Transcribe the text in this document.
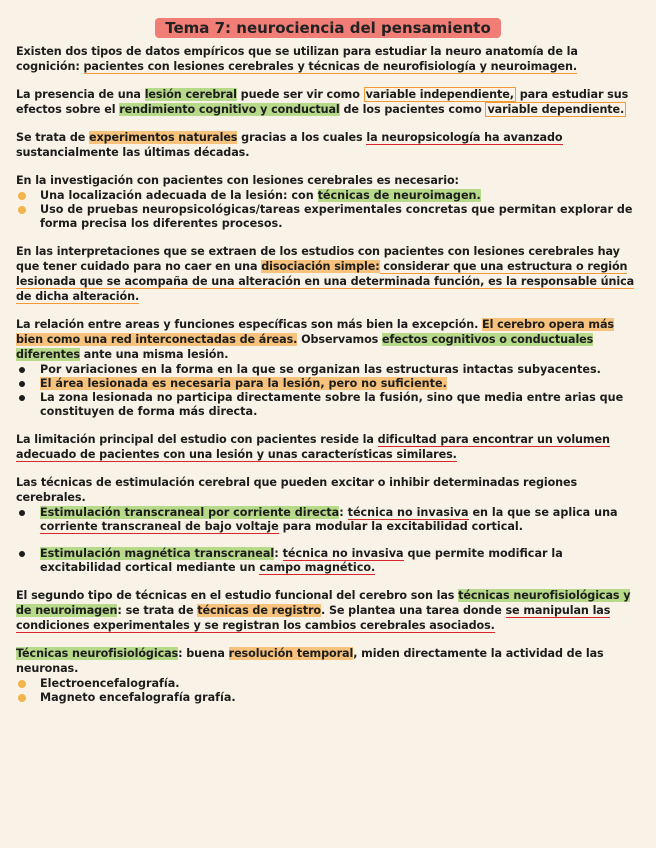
Tema 7: neurociencia del pensamiento

Existen dos tipos de datos empíricos que se utilizan para estudiar la neuro anatomía de la cognición: pacientes con lesiones cerebrales y técnicas de neurofisiología y neuroimagen.

La presencia de una lesión cerebral puede ser vir como variable independiente, para estudiar sus efectos sobre el rendimiento cognitivo y conductual de los pacientes como variable dependiente.

Se trata de experimentos naturales gracias a los cuales la neuropsicología ha avanzado sustancialmente las últimas décadas.

En la investigación con pacientes con lesiones cerebrales es necesario:

Una localización adecuada de la lesión: con técnicas de neuroimagen.
Uso de pruebas neuropsicológicas/tareas experimentales concretas que permitan explorar de forma precisa los diferentes procesos.

En las interpretaciones que se extraen de los estudios con pacientes con lesiones cerebrales hay que tener cuidado para no caer en una disociación simple: considerar que una estructura o región lesionada que se acompaña de una alteración en una determinada función, es la responsable única de dicha alteración.

La relación entre areas y funciones específicas son más bien la excepción. El cerebro opera más bien como una red interconectadas de áreas. Observamos efectos cognitivos o conductuales diferentes ante una misma lesión.

Por variaciones en la forma en la que se organizan las estructuras intactas subyacentes.
El área lesionada es necesaria para la lesión, pero no suficiente.
La zona lesionada no participa directamente sobre la fusión, sino que media entre arias que constituyen de forma más directa.

La limitación principal del estudio con pacientes reside la dificultad para encontrar un volumen adecuado de pacientes con una lesión y unas características similares.

Las técnicas de estimulación cerebral que pueden excitar o inhibir determinadas regiones cerebrales.

Estimulación transcraneal por corriente directa: técnica no invasiva en la que se aplica una corriente transcraneal de bajo voltaje para modular la excitabilidad cortical.
Estimulación magnética transcraneal: técnica no invasiva que permite modificar la excitabilidad cortical mediante un campo magnético.

El segundo tipo de técnicas en el estudio funcional del cerebro son las técnicas neurofisiológicas y de neuroimagen: se trata de técnicas de registro. Se plantea una tarea donde se manipulan las condiciones experimentales y se registran los cambios cerebrales asociados.

Técnicas neurofisiológicas: buena resolución temporal, miden directamente la actividad de las neuronas.

Electroencefalografía.
Magneto encefalografía grafía.
